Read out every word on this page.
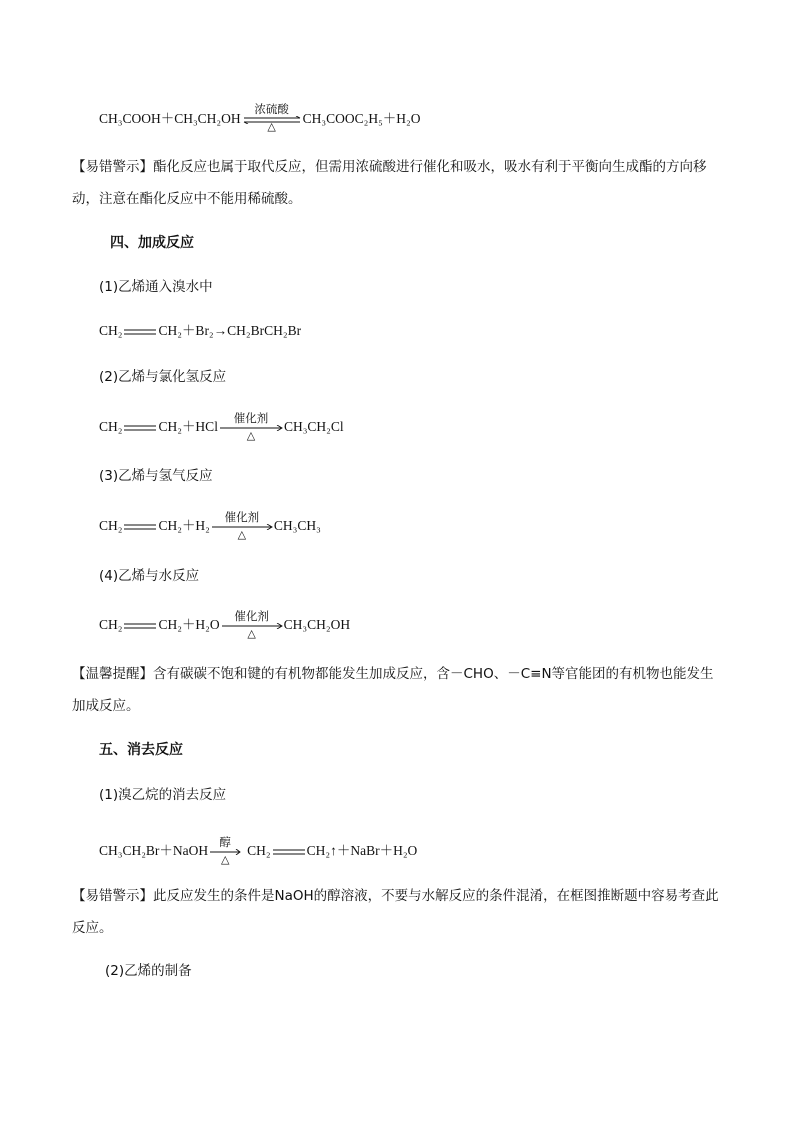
CH₃COOH＋CH₃CH₂OH
浓硫酸
△
CH₃COOC₂H₅＋H₂O
【易错警示】酯化反应也属于取代反应，但需用浓硫酸进行催化和吸水，吸水有利于平衡向生成酯的方向移动，注意在酯化反应中不能用稀硫酸。
四、加成反应
(1)乙烯通入溴水中
CH₂	CH₂＋Br₂→CH₂BrCH₂Br
(2)乙烯与氯化氢反应
CH₂	CH₂＋HCl
催化剂
△
CH₃CH₂Cl
(3)乙烯与氢气反应
CH₂	CH₂＋H₂
催化剂
△
CH₃CH₃
(4)乙烯与水反应
CH₂	CH₂＋H₂O
催化剂
△
CH₃CH₂OH
【温馨提醒】含有碳碳不饱和键的有机物都能发生加成反应，含－CHO、－C≡N等官能团的有机物也能发生加成反应。
五、消去反应
(1)溴乙烷的消去反应
CH₃CH₂Br＋NaOH
醇
△
CH₂	CH₂↑＋NaBr＋H₂O
【易错警示】此反应发生的条件是NaOH的醇溶液，不要与水解反应的条件混淆，在框图推断题中容易考查此反应。
(2)乙烯的制备
